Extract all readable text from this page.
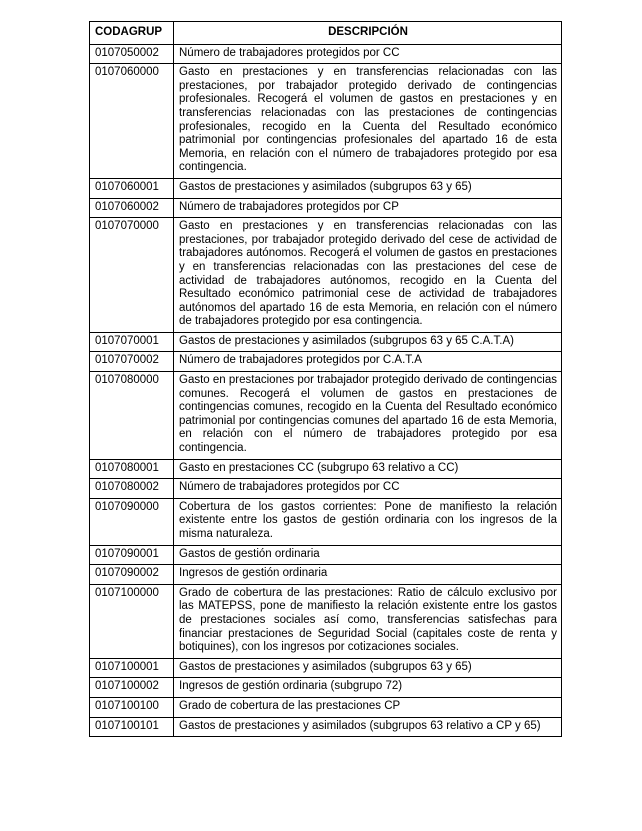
CODAGRUP	DESCRIPCIÓN
0107050002	Número de trabajadores protegidos por CC
0107060000	Gasto en prestaciones y en transferencias relacionadas con las prestaciones, por trabajador protegido derivado de contingencias profesionales. Recogerá el volumen de gastos en prestaciones y en transferencias relacionadas con las prestaciones de contingencias profesionales, recogido en la Cuenta del Resultado económico patrimonial por contingencias profesionales del apartado 16 de esta Memoria, en relación con el número de trabajadores protegido por esa contingencia.
0107060001	Gastos de prestaciones y asimilados (subgrupos 63 y 65)
0107060002	Número de trabajadores protegidos por CP
0107070000	Gasto en prestaciones y en transferencias relacionadas con las prestaciones, por trabajador protegido derivado del cese de actividad de trabajadores autónomos. Recogerá el volumen de gastos en prestaciones y en transferencias relacionadas con las prestaciones del cese de actividad de trabajadores autónomos, recogido en la Cuenta del Resultado económico patrimonial cese de actividad de trabajadores autónomos del apartado 16 de esta Memoria, en relación con el número de trabajadores protegido por esa contingencia.
0107070001	Gastos de prestaciones y asimilados (subgrupos 63 y 65 C.A.T.A)
0107070002	Número de trabajadores protegidos por C.A.T.A
0107080000	Gasto en prestaciones por trabajador protegido derivado de contingencias comunes. Recogerá el volumen de gastos en prestaciones de contingencias comunes, recogido en la Cuenta del Resultado económico patrimonial por contingencias comunes del apartado 16 de esta Memoria, en relación con el número de trabajadores protegido por esa contingencia.
0107080001	Gasto en prestaciones CC (subgrupo 63 relativo a CC)
0107080002	Número de trabajadores protegidos por CC
0107090000	Cobertura de los gastos corrientes: Pone de manifiesto la relación existente entre los gastos de gestión ordinaria con los ingresos de la misma naturaleza.
0107090001	Gastos de gestión ordinaria
0107090002	Ingresos de gestión ordinaria
0107100000	Grado de cobertura de las prestaciones: Ratio de cálculo exclusivo por las MATEPSS, pone de manifiesto la relación existente entre los gastos de prestaciones sociales así como, transferencias satisfechas para financiar prestaciones de Seguridad Social (capitales coste de renta y botiquines), con los ingresos por cotizaciones sociales.
0107100001	Gastos de prestaciones y asimilados (subgrupos 63 y 65)
0107100002	Ingresos de gestión ordinaria (subgrupo 72)
0107100100	Grado de cobertura de las prestaciones CP
0107100101	Gastos de prestaciones y asimilados (subgrupos 63 relativo a CP y 65)
